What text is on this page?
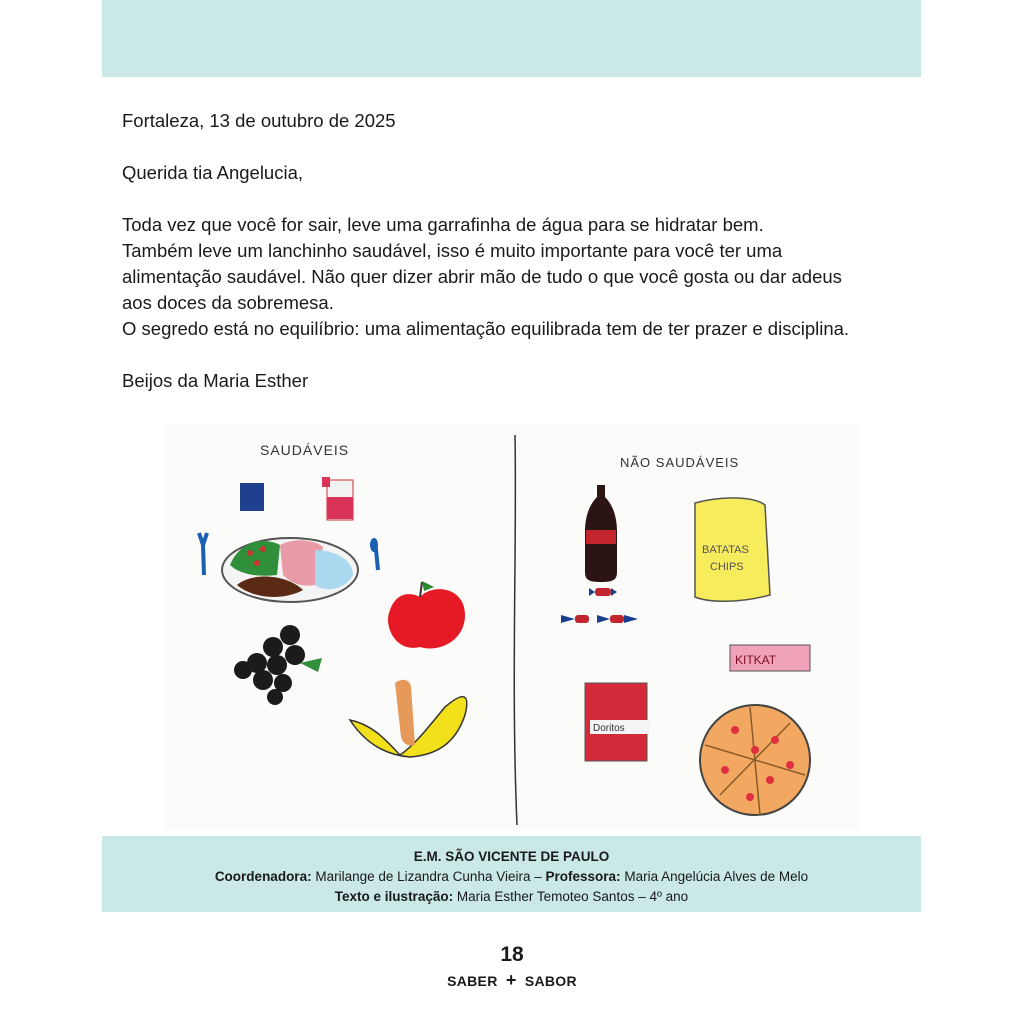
Fortaleza, 13 de outubro de 2025

Querida tia Angelucia,

Toda vez que você for sair, leve uma garrafinha de água para se hidratar bem.

Também leve um lanchinho saudável, isso é muito importante para você ter uma

alimentação saudável. Não quer dizer abrir mão de tudo o que você gosta ou dar adeus

aos doces da sobremesa.

O segredo está no equilíbrio: uma alimentação equilibrada tem de ter prazer e disciplina.

Beijos da Maria Esther

SAUDÁVEIS
NÃO SAUDÁVEIS
BATATAS
CHIPS
KITKAT
Doritos
E.M. SÃO VICENTE DE PAULO
Coordenadora: Marilange de Lizandra Cunha Vieira – Professora: Maria Angelúcia Alves de Melo
Texto e ilustração: Maria Esther Temoteo Santos – 4º ano
18
SABER + SABOR
